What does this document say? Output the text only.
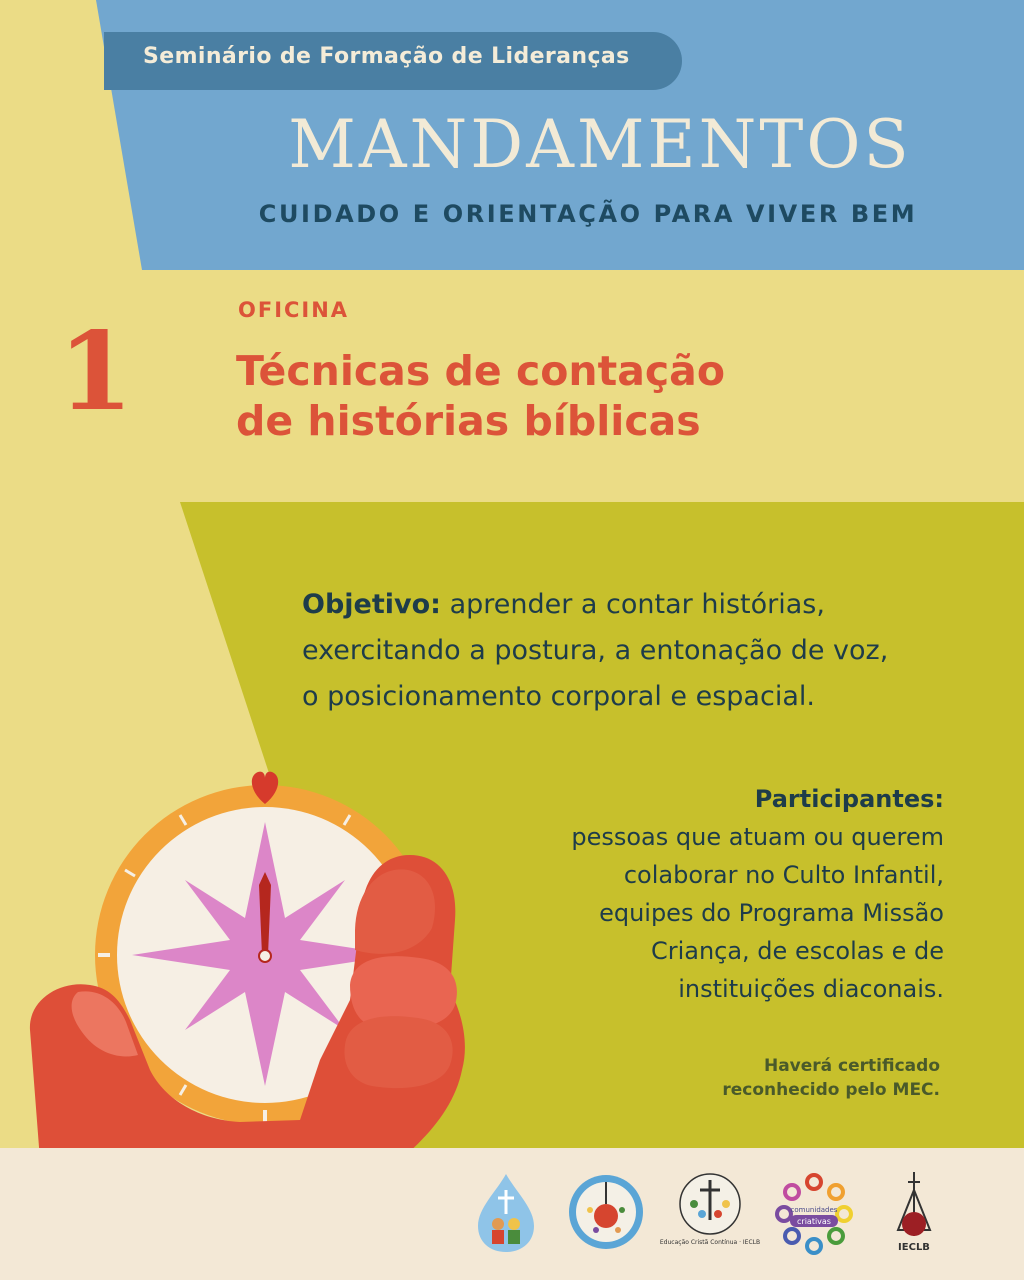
Seminário de Formação de Lideranças
MANDAMENTOS
CUIDADO E ORIENTAÇÃO PARA VIVER BEM
OFICINA
1	Técnicas de contação
de histórias bíblicas
Objetivo: aprender a contar histórias,
exercitando a postura, a entonação de voz,
o posicionamento corporal e espacial.
Participantes:
pessoas que atuam ou querem
colaborar no Culto Infantil,
equipes do Programa Missão
Criança, de escolas e de
instituições diaconais.
Haverá certificado
reconhecido pelo MEC.
Educação Cristã Contínua · IECLB
comunidades
criativas
IECLB
